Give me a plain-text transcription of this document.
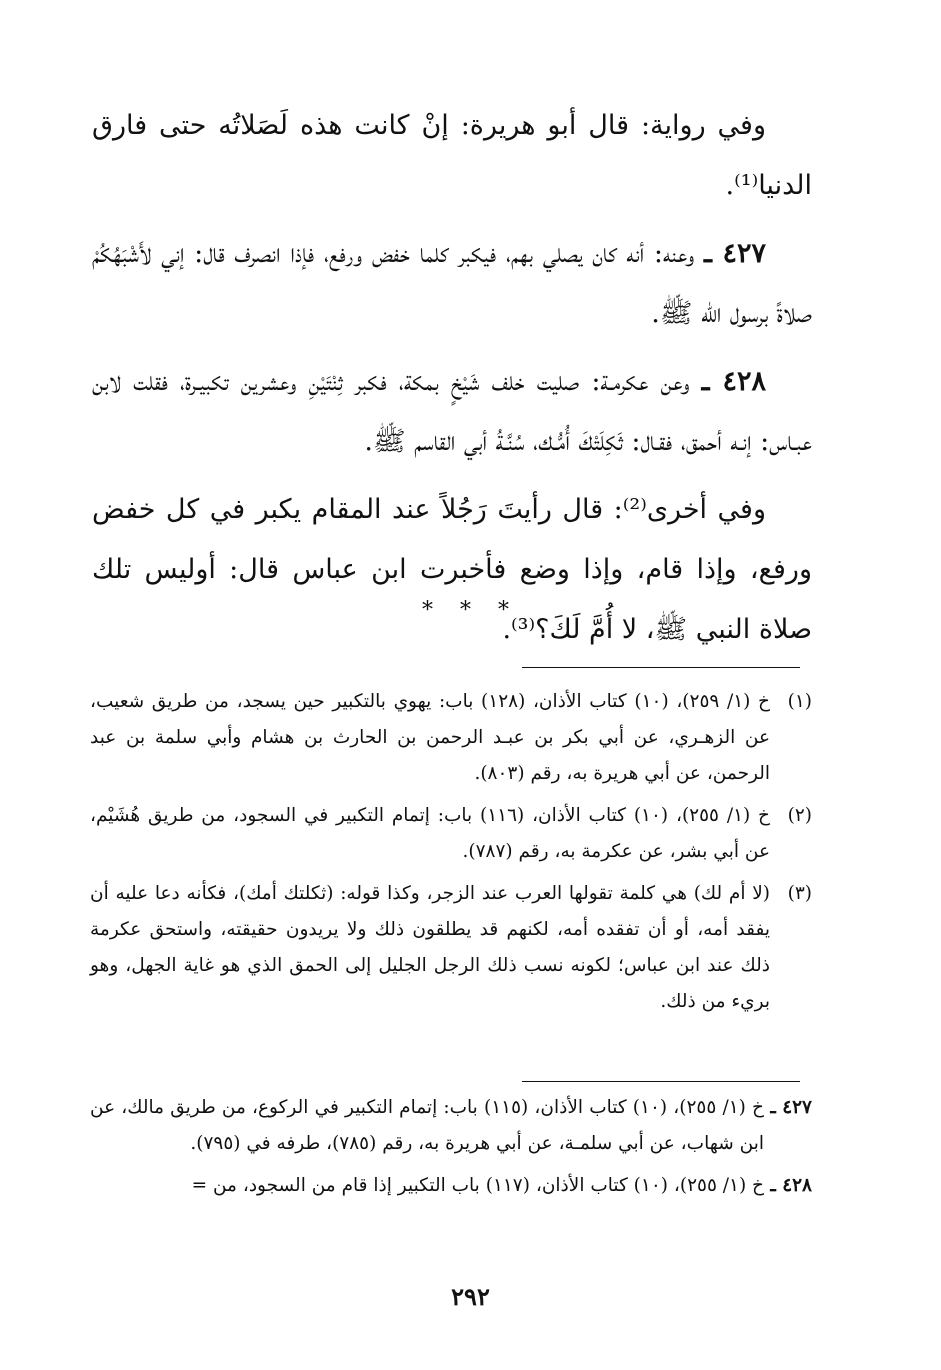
وفي رواية: قال أبو هريرة: إنْ كانت هذه لَصَلاتُه حتى فارق الدنيا⁽¹⁾.

٤٢٧ ـ وعنه: أنه كان يصلي بهم، فيكبر كلما خفض ورفع، فإذا انصرف قال: إني لأَشْبَهُكُمْ صلاةً برسول الله ﷺ.

٤٢٨ ـ وعن عكرمـة: صليت خلف شَيْخٍ بمكة، فكبر ثِنْتَيْنِ وعشرين تكبيـرة، فقلت لابن عبـاس: إنـه أحمق، فقـال: ثَكِلَتْكَ أُمُّـك، سُنَّـةُ أبي القاسم ﷺ.

وفي أخرى⁽²⁾: قال رأيتَ رَجُلاً عند المقام يكبر في كل خفض ورفع، وإذا قام، وإذا وضع فأخبرت ابن عباس قال: أوليس تلك صلاة النبي ﷺ، لا أُمَّ لَكَ؟⁽³⁾.

* * *
(١)
خ (١/ ٢٥٩)، (١٠) كتاب الأذان، (١٢٨) باب: يهوي بالتكبير حين يسجد، من طريق شعيب، عن الزهـري، عن أبي بكر بن عبـد الرحمن بن الحارث بن هشام وأبي سلمة بن عبد الرحمن، عن أبي هريرة به، رقم (٨٠٣).
(٢)
خ (١/ ٢٥٥)، (١٠) كتاب الأذان، (١١٦) باب: إتمام التكبير في السجود، من طريق هُشَيْم، عن أبي بشر، عن عكرمة به، رقم (٧٨٧).
(٣)
(لا أم لك) هي كلمة تقولها العرب عند الزجر، وكذا قوله: (ثكلتك أمك)، فكأنه دعا عليه أن يفقد أمه، أو أن تفقده أمه، لكنهم قد يطلقون ذلك ولا يريدون حقيقته، واستحق عكرمة ذلك عند ابن عباس؛ لكونه نسب ذلك الرجل الجليل إلى الحمق الذي هو غاية الجهل، وهو بريء من ذلك.
٤٢٧ ـ
خ (١/ ٢٥٥)، (١٠) كتاب الأذان، (١١٥) باب: إتمام التكبير في الركوع، من طريق مالك، عن ابن شهاب، عن أبي سلمـة، عن أبي هريرة به، رقم (٧٨٥)، طرفه في (٧٩٥).
٤٢٨ ـ
خ (١/ ٢٥٥)، (١٠) كتاب الأذان، (١١٧) باب التكبير إذا قام من السجود، من =
٢٩٢
